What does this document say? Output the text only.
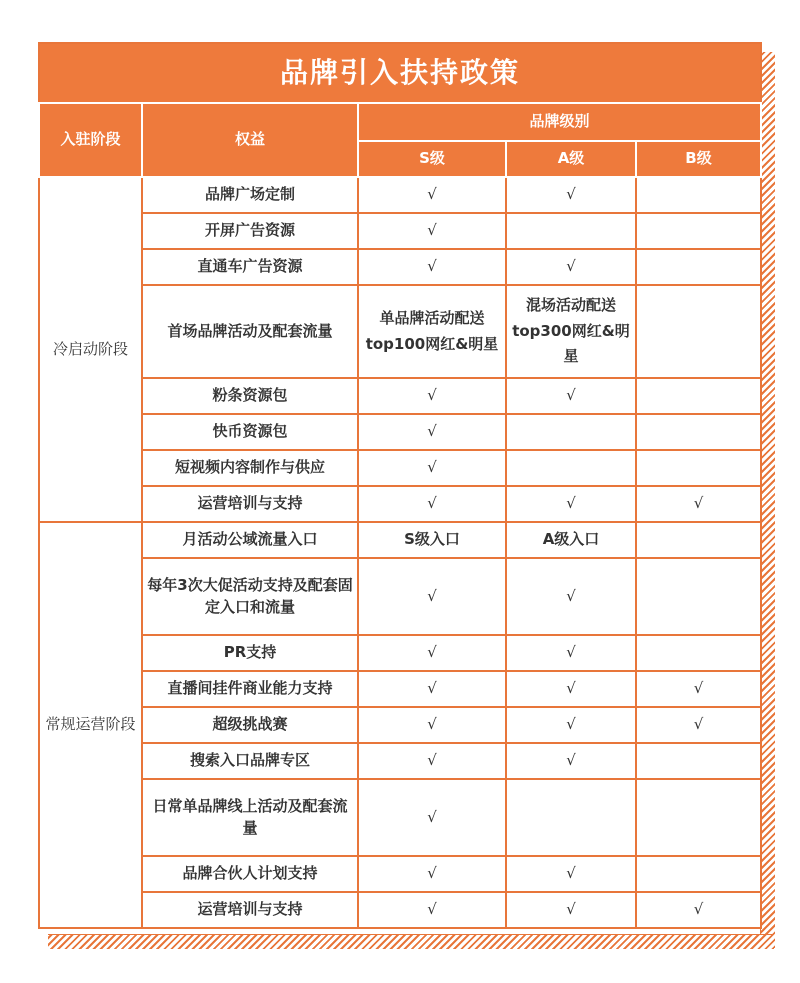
品牌引入扶持政策				
入驻阶段	权益	品牌级别		
		S级	A级	B级
冷启动阶段	品牌广场定制	√	√	
	开屏广告资源	√		
	直通车广告资源	√	√	
	首场品牌活动及配套流量	单品牌活动配送top100网红&明星	混场活动配送top300网红&明星	
	粉条资源包	√	√	
	快币资源包	√		
	短视频内容制作与供应	√		
	运营培训与支持	√	√	√
常规运营阶段	月活动公域流量入口	S级入口	A级入口	
	每年3次大促活动支持及配套固定入口和流量	√	√	
	PR支持	√	√	
	直播间挂件商业能力支持	√	√	√
	超级挑战赛	√	√	√
	搜索入口品牌专区	√	√	
	日常单品牌线上活动及配套流量	√		
	品牌合伙人计划支持	√	√	
	运营培训与支持	√	√	√
